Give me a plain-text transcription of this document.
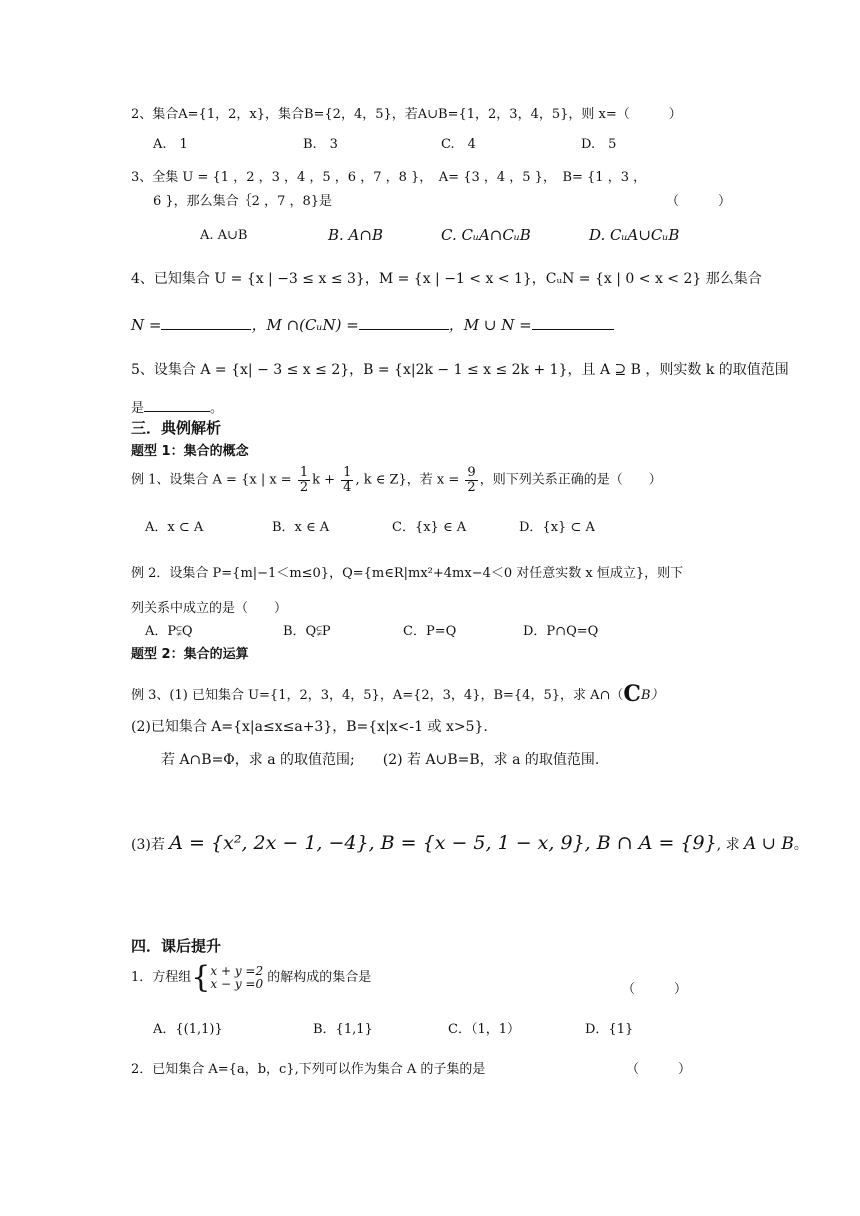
2、集合A={1，2，x}，集合B={2，4，5}，若A∪B={1，2，3，4，5}，则 x=（　　　）
A.　1	B.　3	C.　4	D.　5
3、全集 U = {1 ，2 ，3 ，4 ，5 ，6 ，7 ，8 }，　A= {3 ，4 ，5 }，　B= {1 ，3 ，
6 }，那么集合｛2 ，7 ，8}是	（　　　）
A. A∪B	B. A∩B	C. CᵤA∩CᵤB	D. CᵤA∪CᵤB
4、已知集合 U = {x | −3 ≤ x ≤ 3}，M = {x | −1 < x < 1}，CᵤN = {x | 0 < x < 2} 那么集合
N =	，M ∩(CᵤN) =	，M ∪ N =
5、设集合 A = {x| − 3 ≤ x ≤ 2}，B = {x|2k − 1 ≤ x ≤ 2k + 1}，且 A ⊇ B ，则实数 k 的取值范围
是	。
三．典例解析
题型 1：集合的概念
例 1、设集合 A = {x | $x = \frac{1}{2}$ $k + \frac{1}{4}$ , k ∈ Z}，若 $x = \frac{9}{2}$ ，则下列关系正确的是（　　）
A．x ⊂ A	B．x ∈ A	C．{x} ∈ A	D．{x} ⊂ A
例 2．设集合 P={m|−1＜m≤0}，Q={m∈R|mx²+4mx−4＜0 对任意实数 x 恒成立}，则下
列关系中成立的是（　　）
A．P⫋Q	B．Q⫋P	C．P=Q	D．P∩Q=Q
题型 2：集合的运算
例 3、(1) 已知集合 U={1，2，3，4，5}，A={2，3，4}，B={4，5}，求 A∩（CB）
(2)已知集合 A={x|a≤x≤a+3}，B={x|x<-1 或 x>5}.
若 A∩B=Φ，求 a 的取值范围;　　(2) 若 A∪B=B，求 a 的取值范围.
(3)若 A = {x², 2x − 1, −4}, B = {x − 5, 1 − x, 9}, B ∩ A = {9}, 求 A ∪ B。
四．课后提升
1．方程组{ x + y =2
x − y =0 的解构成的集合是
（　　　）
A．{(1,1)}	B．{1,1}	C．（1，1）	D．{1}
2．已知集合 A={a，b，c},下列可以作为集合 A 的子集的是	（　　　）
